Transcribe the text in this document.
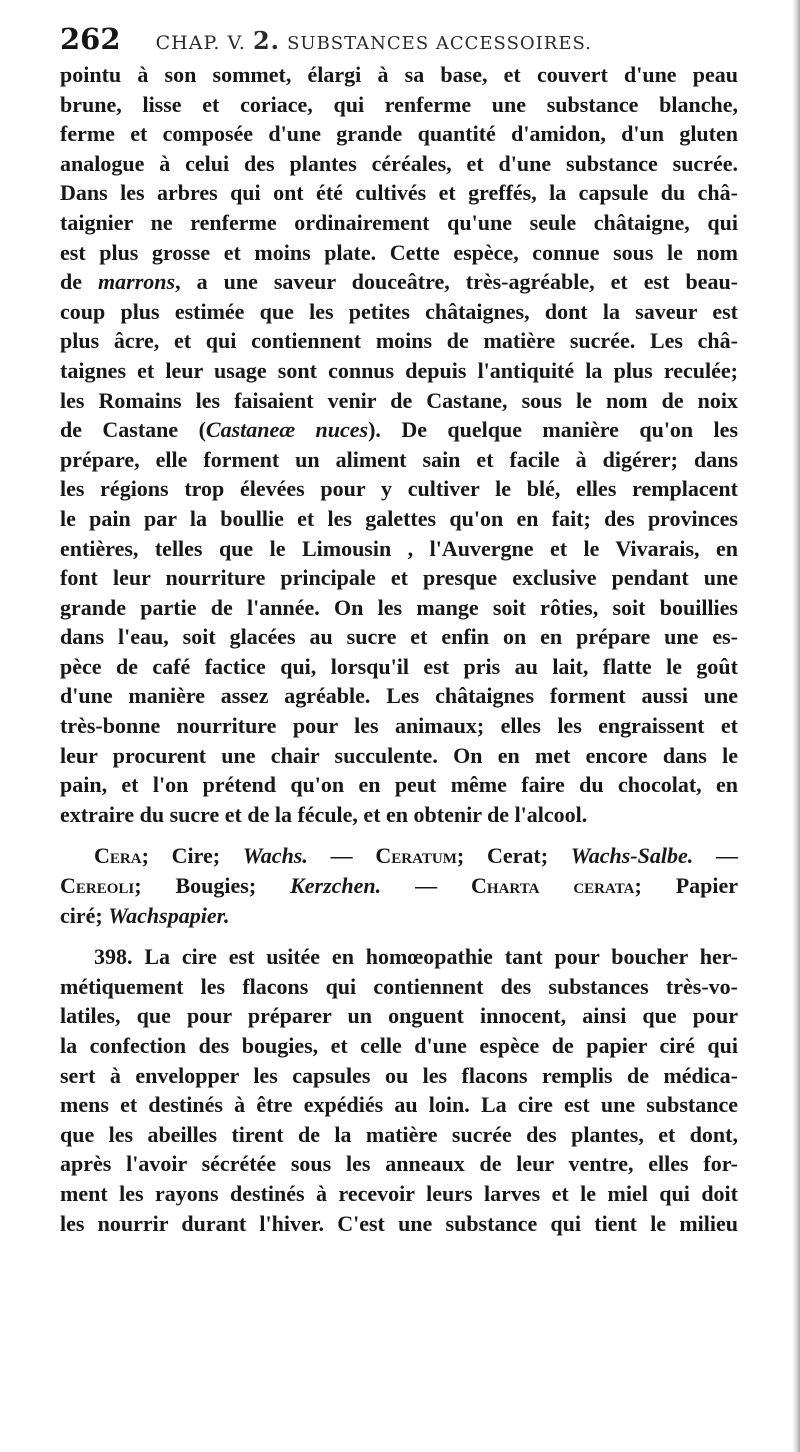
262 CHAP. V. 2. SUBSTANCES ACCESSOIRES.
pointu à son sommet, élargi à sa base, et couvert d'une peau
brune, lisse et coriace, qui renferme une substance blanche,
ferme et composée d'une grande quantité d'amidon, d'un gluten
analogue à celui des plantes céréales, et d'une substance sucrée.
Dans les arbres qui ont été cultivés et greffés, la capsule du châ-
taignier ne renferme ordinairement qu'une seule châtaigne, qui
est plus grosse et moins plate. Cette espèce, connue sous le nom
de marrons, a une saveur douceâtre, très-agréable, et est beau-
coup plus estimée que les petites châtaignes, dont la saveur est
plus âcre, et qui contiennent moins de matière sucrée. Les châ-
taignes et leur usage sont connus depuis l'antiquité la plus reculée;
les Romains les faisaient venir de Castane, sous le nom de noix
de Castane (Castaneæ nuces). De quelque manière qu'on les
prépare, elle forment un aliment sain et facile à digérer; dans
les régions trop élevées pour y cultiver le blé, elles remplacent
le pain par la boullie et les galettes qu'on en fait; des provinces
entières, telles que le Limousin , l'Auvergne et le Vivarais, en
font leur nourriture principale et presque exclusive pendant une
grande partie de l'année. On les mange soit rôties, soit bouillies
dans l'eau, soit glacées au sucre et enfin on en prépare une es-
pèce de café factice qui, lorsqu'il est pris au lait, flatte le goût
d'une manière assez agréable. Les châtaignes forment aussi une
très-bonne nourriture pour les animaux; elles les engraissent et
leur procurent une chair succulente. On en met encore dans le
pain, et l'on prétend qu'on en peut même faire du chocolat, en
extraire du sucre et de la fécule, et en obtenir de l'alcool.
Cera; Cire; Wachs. — Ceratum; Cerat; Wachs-Salbe. —
Cereoli; Bougies; Kerzchen. — Charta cerata; Papier
ciré; Wachspapier.
398. La cire est usitée en homœopathie tant pour boucher her-
métiquement les flacons qui contiennent des substances très-vo-
latiles, que pour préparer un onguent innocent, ainsi que pour
la confection des bougies, et celle d'une espèce de papier ciré qui
sert à envelopper les capsules ou les flacons remplis de médica-
mens et destinés à être expédiés au loin. La cire est une substance
que les abeilles tirent de la matière sucrée des plantes, et dont,
après l'avoir sécrétée sous les anneaux de leur ventre, elles for-
ment les rayons destinés à recevoir leurs larves et le miel qui doit
les nourrir durant l'hiver. C'est une substance qui tient le milieu
